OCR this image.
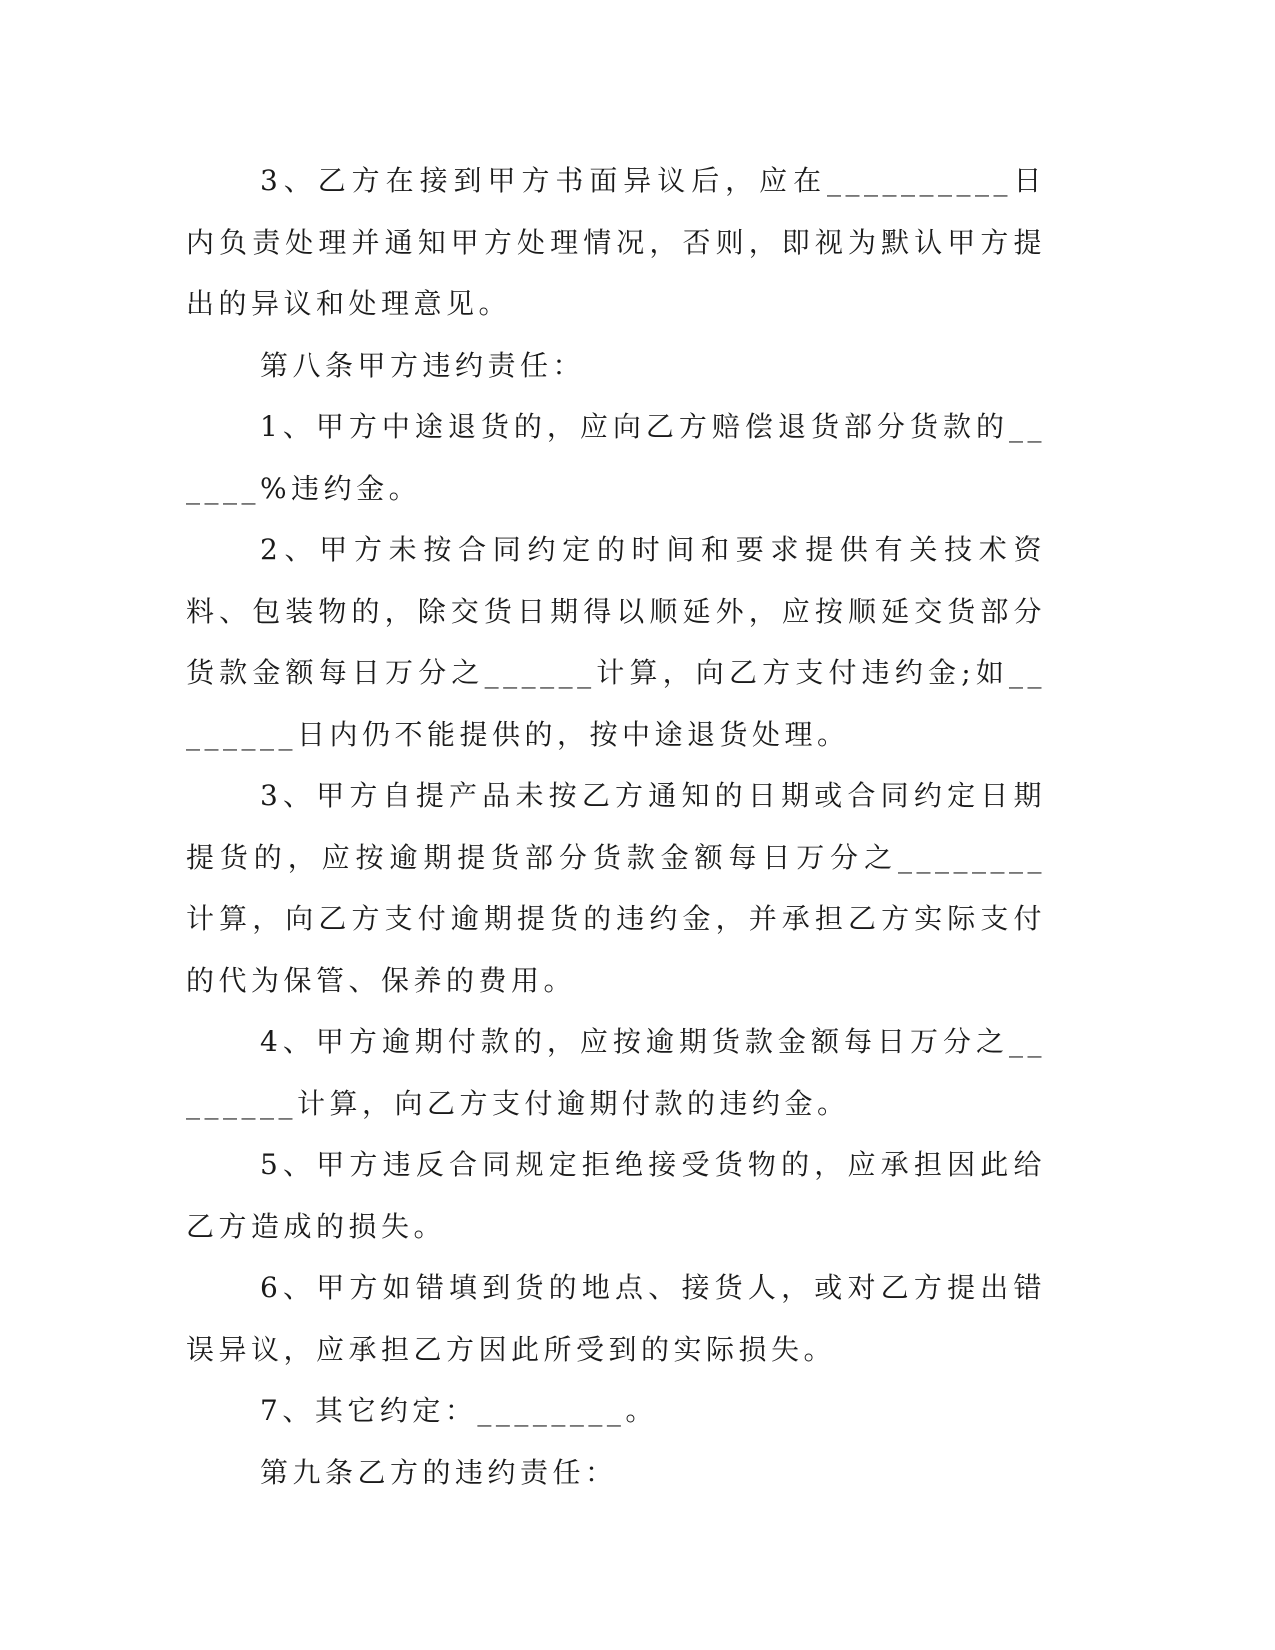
3、乙方在接到甲方书面异议后，应在__________日内负责处理并通知甲方处理情况，否则，即视为默认甲方提出的异议和处理意见。

第八条甲方违约责任：

1、甲方中途退货的，应向乙方赔偿退货部分货款的______%违约金。

2、甲方未按合同约定的时间和要求提供有关技术资料、包装物的，除交货日期得以顺延外，应按顺延交货部分货款金额每日万分之______计算，向乙方支付违约金;如________日内仍不能提供的，按中途退货处理。

3、甲方自提产品未按乙方通知的日期或合同约定日期提货的，应按逾期提货部分货款金额每日万分之________计算，向乙方支付逾期提货的违约金，并承担乙方实际支付的代为保管、保养的费用。

4、甲方逾期付款的，应按逾期货款金额每日万分之________计算，向乙方支付逾期付款的违约金。

5、甲方违反合同规定拒绝接受货物的，应承担因此给乙方造成的损失。

6、甲方如错填到货的地点、接货人，或对乙方提出错误异议，应承担乙方因此所受到的实际损失。

7、其它约定：________。

第九条乙方的违约责任：
